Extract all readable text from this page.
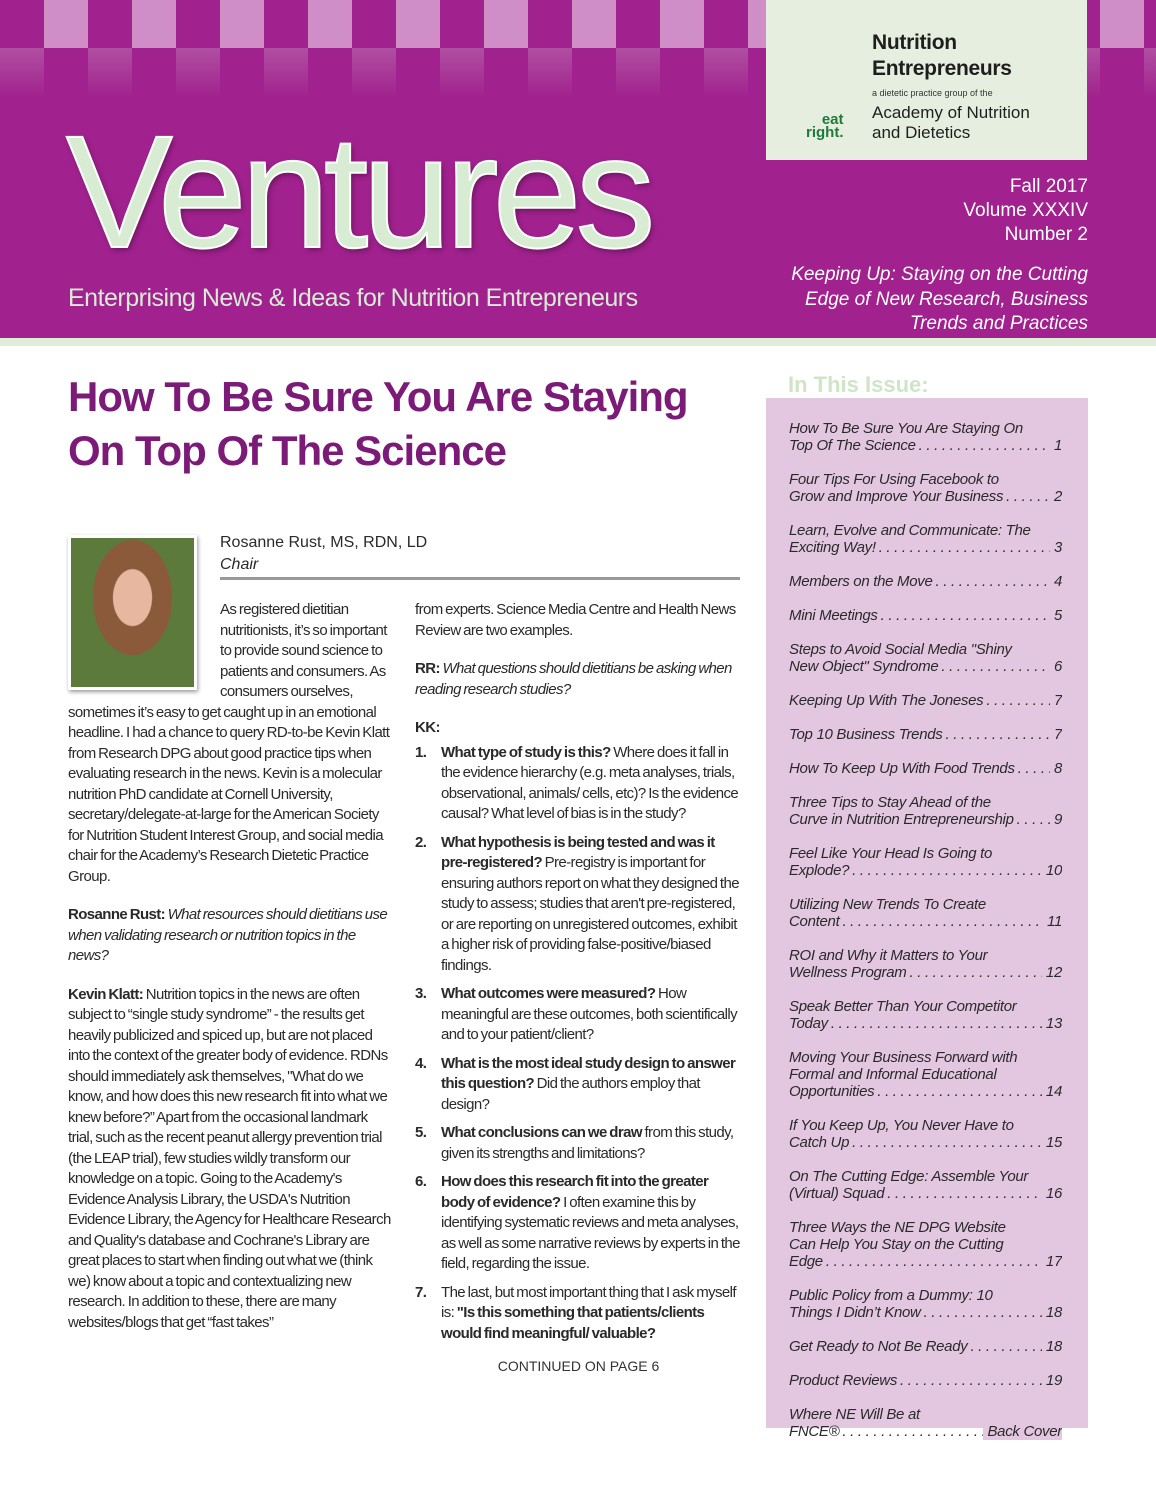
Ventures
Enterprising News & Ideas for Nutrition Entrepreneurs
Nutrition
Entrepreneurs
a dietetic practice group of the
eat
right.
Academy of Nutrition
and Dietetics
Fall 2017
Volume XXXIV
Number 2
Keeping Up: Staying on the Cutting Edge of New Research, Business Trends and Practices
How To Be Sure You Are Staying On Top Of The Science
Rosanne Rust, MS, RDN, LD
Chair

As registered dietitian nutritionists, it’s so important to provide sound science to patients and consumers. As consumers ourselves, sometimes it’s easy to get caught up in an emotional headline. I had a chance to query RD-to-be Kevin Klatt from Research DPG about good practice tips when evaluating research in the news. Kevin is a molecular nutrition PhD candidate at Cornell University, secretary/delegate-at-large for the American Society for Nutrition Student Interest Group, and social media chair for the Academy’s Research Dietetic Practice Group.

Rosanne Rust: What resources should dietitians use when validating research or nutrition topics in the news?

Kevin Klatt: Nutrition topics in the news are often subject to “single study syndrome” - the results get heavily publicized and spiced up, but are not placed into the context of the greater body of evidence. RDNs should immediately ask themselves, "What do we know, and how does this new research fit into what we knew before?” Apart from the occasional landmark trial, such as the recent peanut allergy prevention trial (the LEAP trial), few studies wildly transform our knowledge on a topic. Going to the Academy's Evidence Analysis Library, the USDA's Nutrition Evidence Library, the Agency for Healthcare Research and Quality's database and Cochrane's Library are great places to start when finding out what we (think we) know about a topic and contextualizing new research. In addition to these, there are many websites/blogs that get “fast takes”

from experts. Science Media Centre and Health News Review are two examples.

RR: What questions should dietitians be asking when reading research studies?

KK:

1. What type of study is this? Where does it fall in the evidence hierarchy (e.g. meta analyses, trials, observational, animals/ cells, etc)? Is the evidence causal? What level of bias is in the study?
2. What hypothesis is being tested and was it pre-registered? Pre-registry is important for ensuring authors report on what they designed the study to assess; studies that aren't pre-registered, or are reporting on unregistered outcomes, exhibit a higher risk of providing false-positive/biased findings.
3. What outcomes were measured? How meaningful are these outcomes, both scientifically and to your patient/client?
4. What is the most ideal study design to answer this question? Did the authors employ that design?
5. What conclusions can we draw from this study, given its strengths and limitations?
6. How does this research fit into the greater body of evidence? I often examine this by identifying systematic reviews and meta analyses, as well as some narrative reviews by experts in the field, regarding the issue.
7. The last, but most important thing that I ask myself is: "Is this something that patients/clients would find meaningful/ valuable?
CONTINUED ON PAGE 6
In This Issue:
How To Be Sure You Are Staying On Top Of The Science . . .	1
Four Tips For Using Facebook to Grow and Improve Your Business . . .	2
Learn, Evolve and Communicate: The Exciting Way! . . .	3
Members on the Move . . .	4
Mini Meetings . . .	5
Steps to Avoid Social Media "Shiny New Object" Syndrome . . .	6
Keeping Up With The Joneses . . .	7
Top 10 Business Trends . . .	7
How To Keep Up With Food Trends . . .	8
Three Tips to Stay Ahead of the Curve in Nutrition Entrepreneurship . . .	9
Feel Like Your Head Is Going to Explode? . . .	10
Utilizing New Trends To Create Content . . .	11
ROI and Why it Matters to Your Wellness Program . . .	12
Speak Better Than Your Competitor Today . . .	13
Moving Your Business Forward with Formal and Informal Educational Opportunities . . .	14
If You Keep Up, You Never Have to Catch Up . . .	15
On The Cutting Edge: Assemble Your (Virtual) Squad . . .	16
Three Ways the NE DPG Website Can Help You Stay on the Cutting Edge . . .	17
Public Policy from a Dummy: 10 Things I Didn’t Know . . .	18
Get Ready to Not Be Ready . . .	18
Product Reviews . . .	19
Where NE Will Be at FNCE® . . .	Back Cover
